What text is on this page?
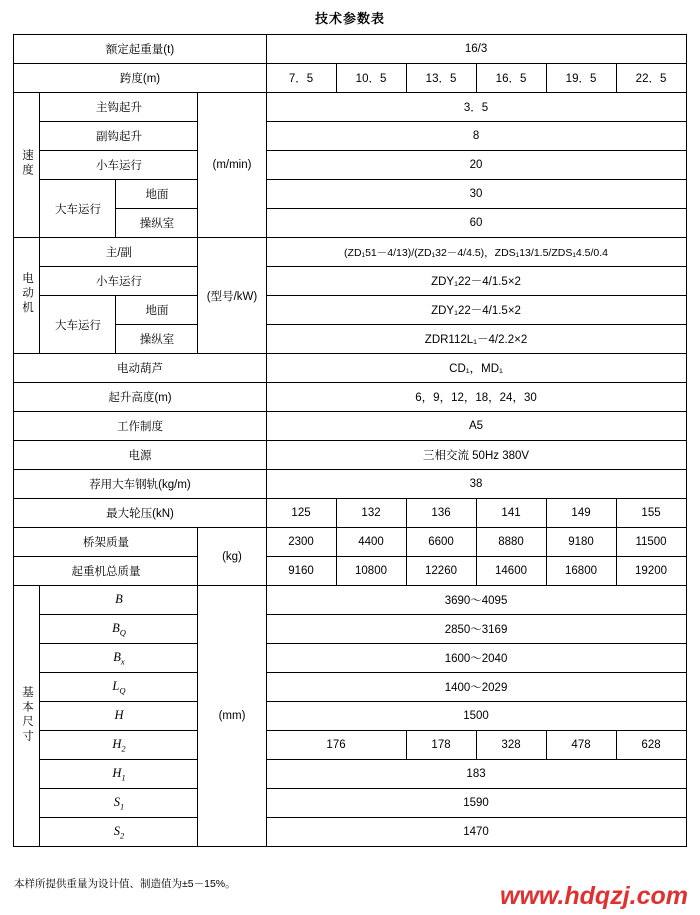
技术参数表
额定起重量(t)				16/3					
跨度(m)				7．5	10．5	13．5	16．5	19．5	22．5
速度	主钩起升		(m/min)	3．5					
	副钩起升			8					
	小车运行			20					
	大车运行	地面		30					
		操纵室		60					
电动机	主/副		(型号/kW)	(ZD₁51－4/13)/(ZD₁32－4/4.5)，ZDS₁13/1.5/ZDS₁4.5/0.4					
	小车运行			ZDY₁22－4/1.5×2					
	大车运行	地面		ZDY₁22－4/1.5×2					
		操纵室		ZDR112L₁－4/2.2×2					
电动葫芦				CD₁，MD₁					
起升高度(m)				6，9，12，18，24，30					
工作制度				A5					
电源				三相交流 50Hz 380V					
荐用大车钢轨(kg/m)				38					
最大轮压(kN)				125	132	136	141	149	155
桥架质量			(kg)	2300	4400	6600	8880	9180	11500
起重机总质量				9160	10800	12260	14600	16800	19200
基本尺寸	B		(mm)	3690～4095					
	$B_Q$			2850～3169					
	$B_x$			1600～2040					
	$L_Q$			1400～2029					
	H			1500					
	$H_2$			176		178	328	478	628
	$H_1$			183					
	$S_1$			1590					
	$S_2$			1470					
本样所提供重量为设计值、制造值为±5－15%。	www.hdqzj.com
